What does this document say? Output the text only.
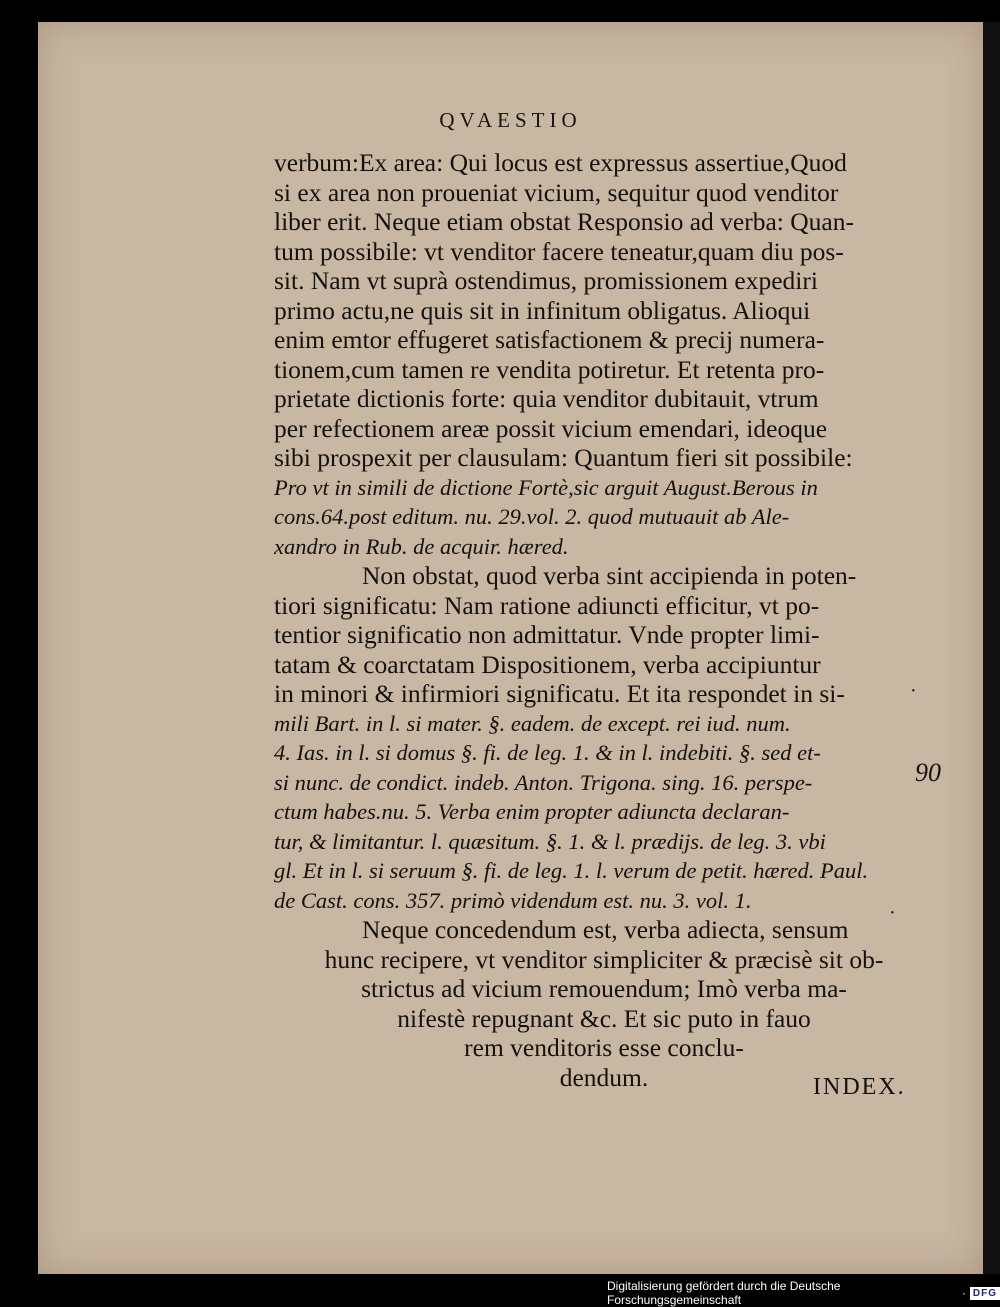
QVAESTIO
verbum:Ex area: Qui locus est expressus assertiue,Quod
si ex area non proueniat vicium, sequitur quod venditor
liber erit. Neque etiam obstat Responsio ad verba: Quan-
tum possibile: vt venditor facere teneatur,quam diu pos-
sit. Nam vt suprà ostendimus, promissionem expediri
primo actu,ne quis sit in infinitum obligatus. Alioqui
enim emtor effugeret satisfactionem & precij numera-
tionem,cum tamen re vendita potiretur. Et retenta pro-
prietate dictionis forte: quia venditor dubitauit, vtrum
per refectionem areæ possit vicium emendari, ideoque
sibi prospexit per clausulam: Quantum fieri sit possibile:
Pro vt in simili de dictione Fortè,sic arguit August.Berous in
cons.64.post editum. nu. 29.vol. 2. quod mutuauit ab Ale-
xandro in Rub. de acquir. hæred.
Non obstat, quod verba sint accipienda in poten-
tiori significatu: Nam ratione adiuncti efficitur, vt po-
tentior significatio non admittatur. Vnde propter limi-
tatam & coarctatam Dispositionem, verba accipiuntur
in minori & infirmiori significatu. Et ita respondet in si-
mili Bart. in l. si mater. §. eadem. de except. rei iud. num.
4. Ias. in l. si domus §. fi. de leg. 1. & in l. indebiti. §. sed et-
si nunc. de condict. indeb. Anton. Trigona. sing. 16. perspe-
ctum habes.nu. 5. Verba enim propter adiuncta declaran-
tur, & limitantur. l. quæsitum. §. 1. & l. prædijs. de leg. 3. vbi
gl. Et in l. si seruum §. fi. de leg. 1. l. verum de petit. hæred. Paul.
de Cast. cons. 357. primò videndum est. nu. 3. vol. 1.
Neque concedendum est, verba adiecta, sensum
hunc recipere, vt venditor simpliciter & præcisè sit ob-
strictus ad vicium remouendum; Imò verba ma-
nifestè repugnant &c. Et sic puto in fauo
rem venditoris esse conclu-
dendum.
90
·
·
INDEX.
Digitalisierung gefördert durch die Deutsche Forschungsgemeinschaft	· DFG
